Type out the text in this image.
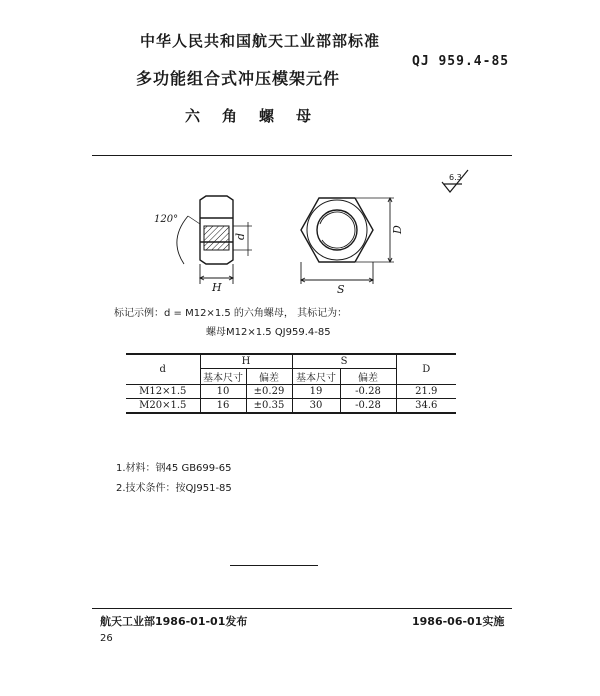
中华人民共和国航天工业部部标准
QJ 959.4-85
多功能组合式冲压模架元件
六角螺母
120°
H
d
S
D
6.3
标记示例：d = M12×1.5 的六角螺母， 其标记为：
螺母M12×1.5 QJ959.4-85
d	H		S		D
	基本尺寸	偏差	基本尺寸	偏差	
M12×1.5	10	±0.29	19	-0.28	21.9
M20×1.5	16	±0.35	30	-0.28	34.6
1.材料：钢45 GB699-65
2.技术条件：按QJ951-85
航天工业部1986-01-01发布	1986-06-01实施
26
